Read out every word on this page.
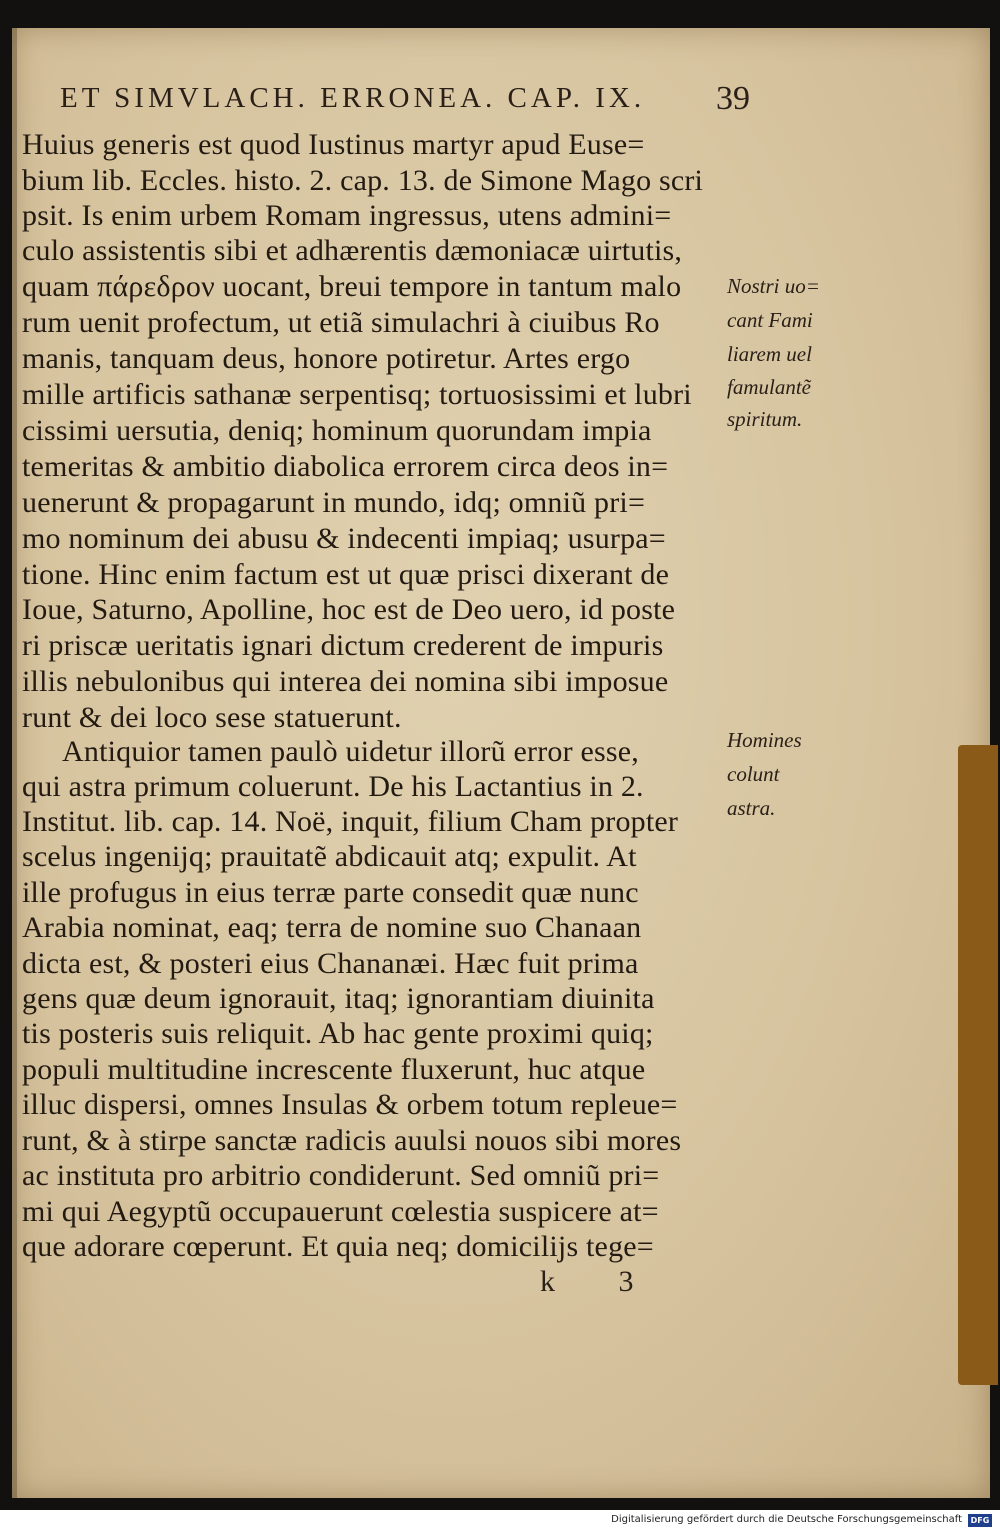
ET SIMVLACH. ERRONEA. CAP. IX. 39
Huius generis est quod Iustinus martyr apud Euse=
bium lib. Eccles. histo. 2. cap. 13. de Simone Mago scri
psit. Is enim urbem Romam ingressus, utens admini=
culo assistentis sibi et adhærentis dæmoniacæ uirtutis,
quam πάρεδρον uocant, breui tempore in tantum malo
rum uenit profectum, ut etiã simulachri à ciuibus Ro
manis, tanquam deus, honore potiretur. Artes ergo
mille artificis sathanæ serpentisq; tortuosissimi et lubri
cissimi uersutia, deniq; hominum quorundam impia
temeritas & ambitio diabolica errorem circa deos in=
uenerunt & propagarunt in mundo, idq; omniũ pri=
mo nominum dei abusu & indecenti impiaq; usurpa=
tione. Hinc enim factum est ut quæ prisci dixerant de
Ioue, Saturno, Apolline, hoc est de Deo uero, id poste
ri priscæ ueritatis ignari dictum crederent de impuris
illis nebulonibus qui interea dei nomina sibi imposue
runt & dei loco sese statuerunt.
Antiquior tamen paulò uidetur illorũ error esse,
qui astra primum coluerunt. De his Lactantius in 2.
Institut. lib. cap. 14. Noë, inquit, filium Cham propter
scelus ingenijq; prauitatẽ abdicauit atq; expulit. At
ille profugus in eius terræ parte consedit quæ nunc
Arabia nominat, eaq; terra de nomine suo Chanaan
dicta est, & posteri eius Chananæi. Hæc fuit prima
gens quæ deum ignorauit, itaq; ignorantiam diuinita
tis posteris suis reliquit. Ab hac gente proximi quiq;
populi multitudine increscente fluxerunt, huc atque
illuc dispersi, omnes Insulas & orbem totum repleue=
runt, & à stirpe sanctæ radicis auulsi nouos sibi mores
ac instituta pro arbitrio condiderunt. Sed omniũ pri=
mi qui Aegyptũ occupauerunt cœlestia suspicere at=
que adorare cœperunt. Et quia neq; domicilijs tege=
Nostri uo=
cant Fami
liarem uel
famulantẽ
spiritum.
Homines
colunt
astra.
k 3
Digitalisierung gefördert durch die Deutsche Forschungsgemeinschaft	DFG
